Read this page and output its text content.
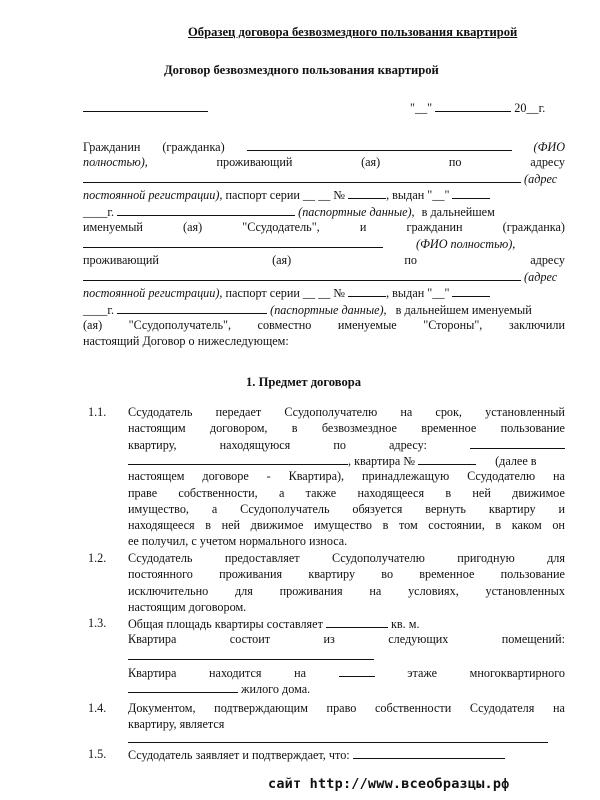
Образец договора безвозмездного пользования квартирой
Договор безвозмездного пользования квартирой
"__"	20__г.
Гражданин (гражданка)	(ФИО
полностью),	проживающий	(ая)	по	адресу
(адрес
постоянной регистрации), паспорт серии __ __ №	, выдан "__"
____г.	(паспортные данные), в дальнейшем
именуемый	(ая)	"Ссудодатель",	и	гражданин	(гражданка)
(ФИО полностью),
проживающий	(ая)	по	адресу
(адрес
постоянной регистрации), паспорт серии __ __ №	, выдан "__"
____г.	(паспортные данные), в дальнейшем именуемый
(ая) "Ссудополучатель", совместно именуемые "Стороны", заключили
настоящий Договор о нижеследующем:
1. Предмет договора
1.1. Ссудодатель передает Ссудополучателю на срок, установленный
настоящим договором, в безвозмездное временное пользование
квартиру,	находящуюся	по	адресу:
, квартира №	(далее в
настоящем договоре - Квартира), принадлежащую Ссудодателю на
праве собственности, а также находящееся в ней движимое
имущество, а Ссудополучатель обязуется вернуть квартиру и
находящееся в ней движимое имущество в том состоянии, в каком он
ее получил, с учетом нормального износа.
1.2. Ссудодатель	предоставляет	Ссудополучателю	пригодную	для
постоянного проживания квартиру во временное пользование
исключительно для проживания на условиях, установленных
настоящим договором.
1.3. Общая площадь квартиры составляет	кв. м.
Квартира	состоит	из	следующих	помещений:
Квартира	находится	на	этаже	многоквартирного
жилого дома.
1.4. Документом, подтверждающим право собственности Ссудодателя на
квартиру, является
1.5. Ссудодатель заявляет и подтверждает, что:
сайт http://www.всеобразцы.рф
